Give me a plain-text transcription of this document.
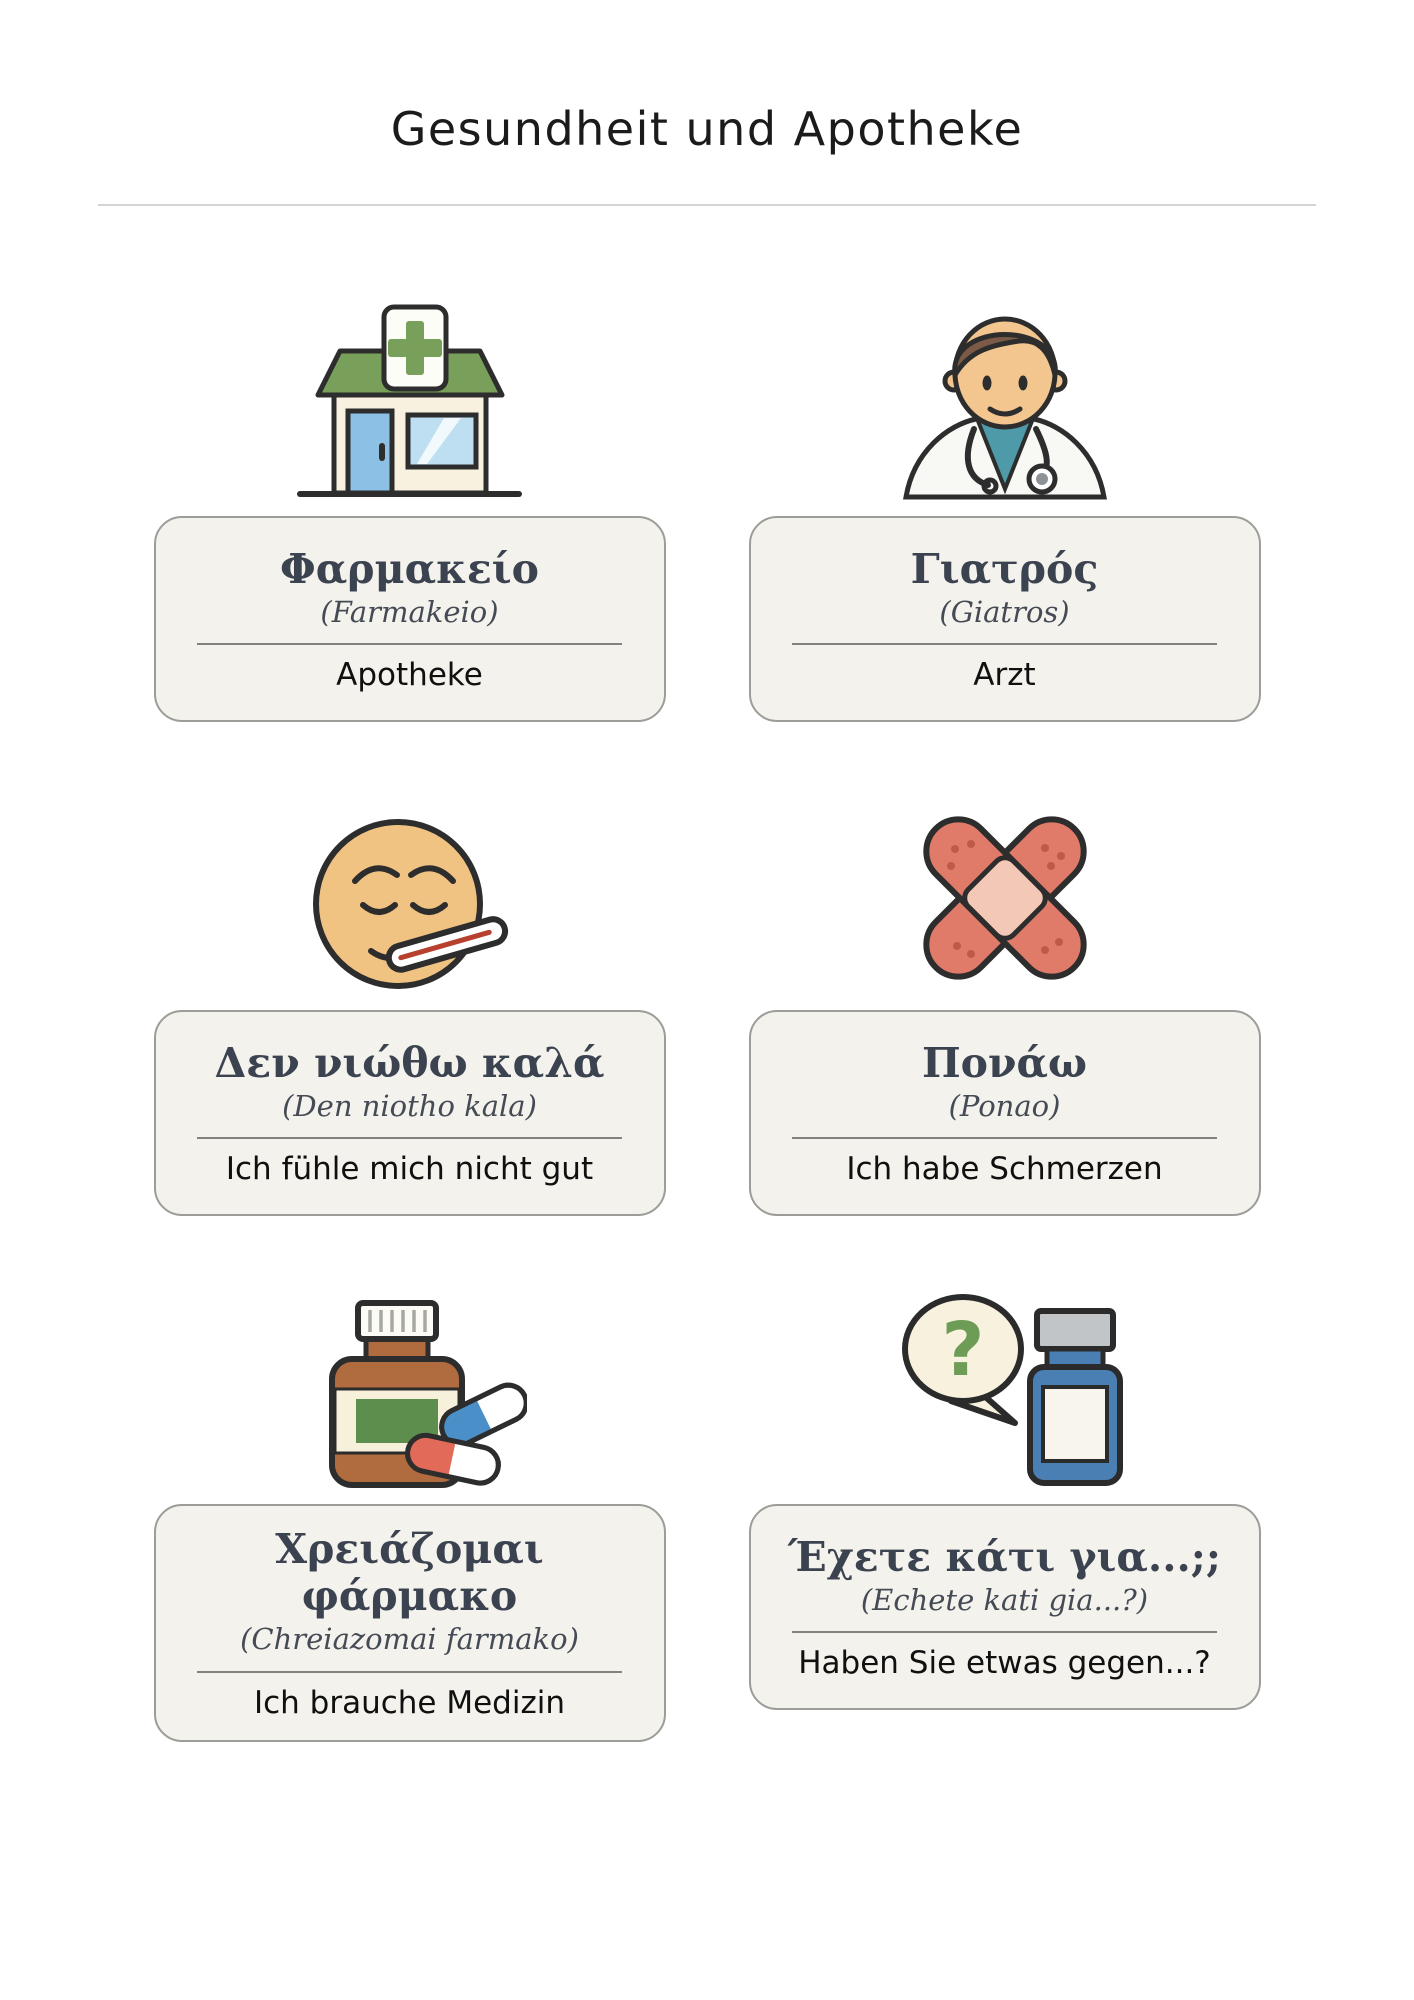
Gesundheit und Apotheke
Φαρμακείο
(Farmakeio)
Apotheke
Γιατρός
(Giatros)
Arzt
Δεν νιώθω καλά
(Den niotho kala)
Ich fühle mich nicht gut
Πονάω
(Ponao)
Ich habe Schmerzen
Χρειάζομαι φάρμακο
(Chreiazomai farmako)
Ich brauche Medizin
?
Έχετε κάτι για...;;
(Echete kati gia...?)
Haben Sie etwas gegen...?
